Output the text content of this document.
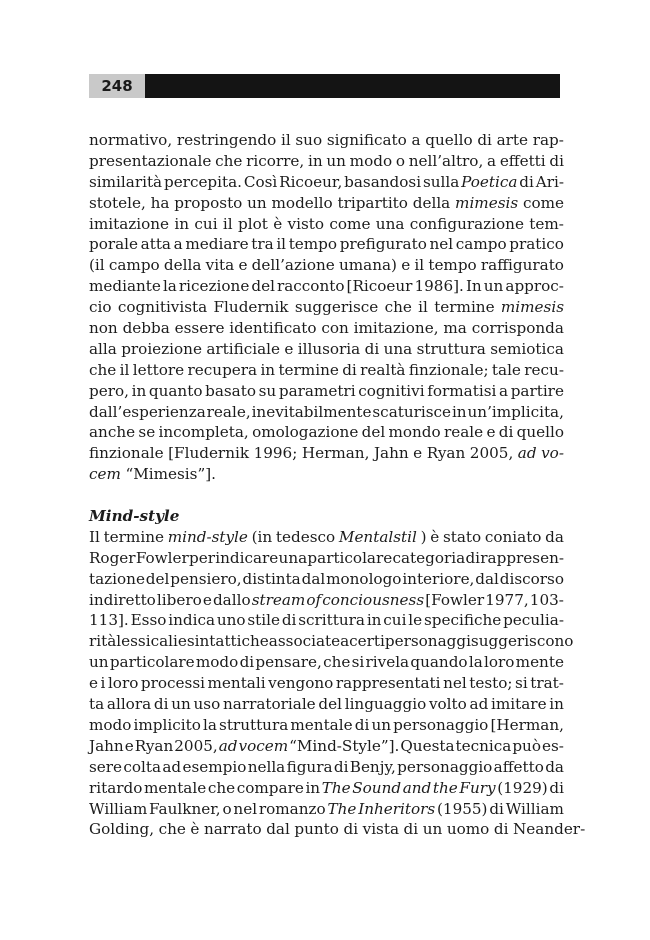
248
normativo, restringendo il suo significato a quello di arte rap-
presentazionale che ricorre, in un modo o nell’altro, a effetti di
similarità percepita. Così Ricoeur, basandosi sulla Poetica di Ari-
stotele, ha proposto un modello tripartito della mimesis come
imitazione in cui il plot è visto come una configurazione tem-
porale atta a mediare tra il tempo prefigurato nel campo pratico
(il campo della vita e dell’azione umana) e il tempo raffigurato
mediante la ricezione del racconto [Ricoeur 1986]. In un approc-
cio cognitivista Fludernik suggerisce che il termine mimesis
non debba essere identificato con imitazione, ma corrisponda
alla proiezione artificiale e illusoria di una struttura semiotica
che il lettore recupera in termine di realtà finzionale; tale recu-
pero, in quanto basato su parametri cognitivi formatisi a partire
dall’esperienza reale, inevitabilmente scaturisce in un’implicita,
anche se incompleta, omologazione del mondo reale e di quello
finzionale [Fludernik 1996; Herman, Jahn e Ryan 2005, ad vo-
cem “Mimesis”].
Mind-style
Il termine mind-style (in tedesco Mentalstil ) è stato coniato da
Roger Fowler per indicare una particolare categoria di rappresen-
tazione del pensiero, distinta dal monologo interiore, dal discorso
indiretto libero e dallo stream of conciousness [Fowler 1977, 103-
113]. Esso indica uno stile di scrittura in cui le specifiche peculia-
rità lessicali e sintattiche associate a certi personaggi suggeriscono
un particolare modo di pensare, che si rivela quando la loro mente
e i loro processi mentali vengono rappresentati nel testo; si trat-
ta allora di un uso narratoriale del linguaggio volto ad imitare in
modo implicito la struttura mentale di un personaggio [Herman,
Jahn e Ryan 2005, ad vocem “Mind-Style”]. Questa tecnica può es-
sere colta ad esempio nella figura di Benjy, personaggio affetto da
ritardo mentale che compare in The Sound and the Fury (1929) di
William Faulkner, o nel romanzo The Inheritors (1955) di William
Golding, che è narrato dal punto di vista di un uomo di Neander-
